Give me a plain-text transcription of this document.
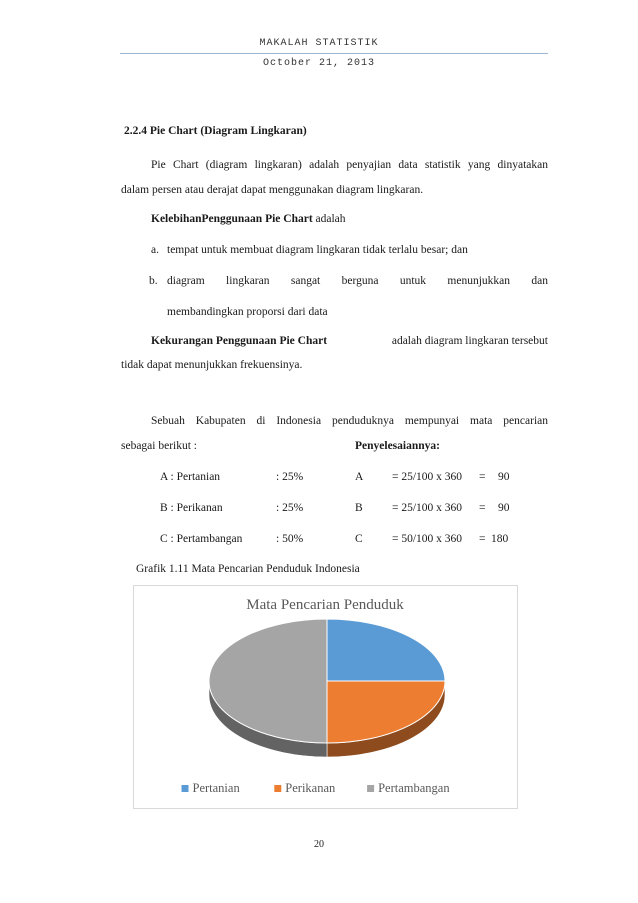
MAKALAH STATISTIK
October 21, 2013
2.2.4 Pie Chart (Diagram Lingkaran)
Pie Chart (diagram lingkaran) adalah penyajian data statistik yang dinyatakan
dalam persen atau derajat dapat menggunakan diagram lingkaran.
KelebihanPenggunaan Pie Chart adalah
a. tempat untuk membuat diagram lingkaran tidak terlalu besar; dan
b. diagram lingkaran sangat berguna untuk menunjukkan dan
membandingkan proporsi dari data
Kekurangan Penggunaan Pie Chart	adalah diagram lingkaran tersebut
tidak dapat menunjukkan frekuensinya.
Sebuah Kabupaten di Indonesia penduduknya mempunyai mata pencarian
sebagai berikut :	Penyelesaiannya:
A : Pertanian	: 25%	A = 25/100 x 360 = 90
B : Perikanan	: 25%	B	= 25/100 x 360 = 90
C : Pertambangan	: 50%	C	= 50/100 x 360 = 180
Grafik 1.11 Mata Pencarian Penduduk Indonesia
Mata Pencarian Penduduk
Pertanian	Perikanan	Pertambangan
20
